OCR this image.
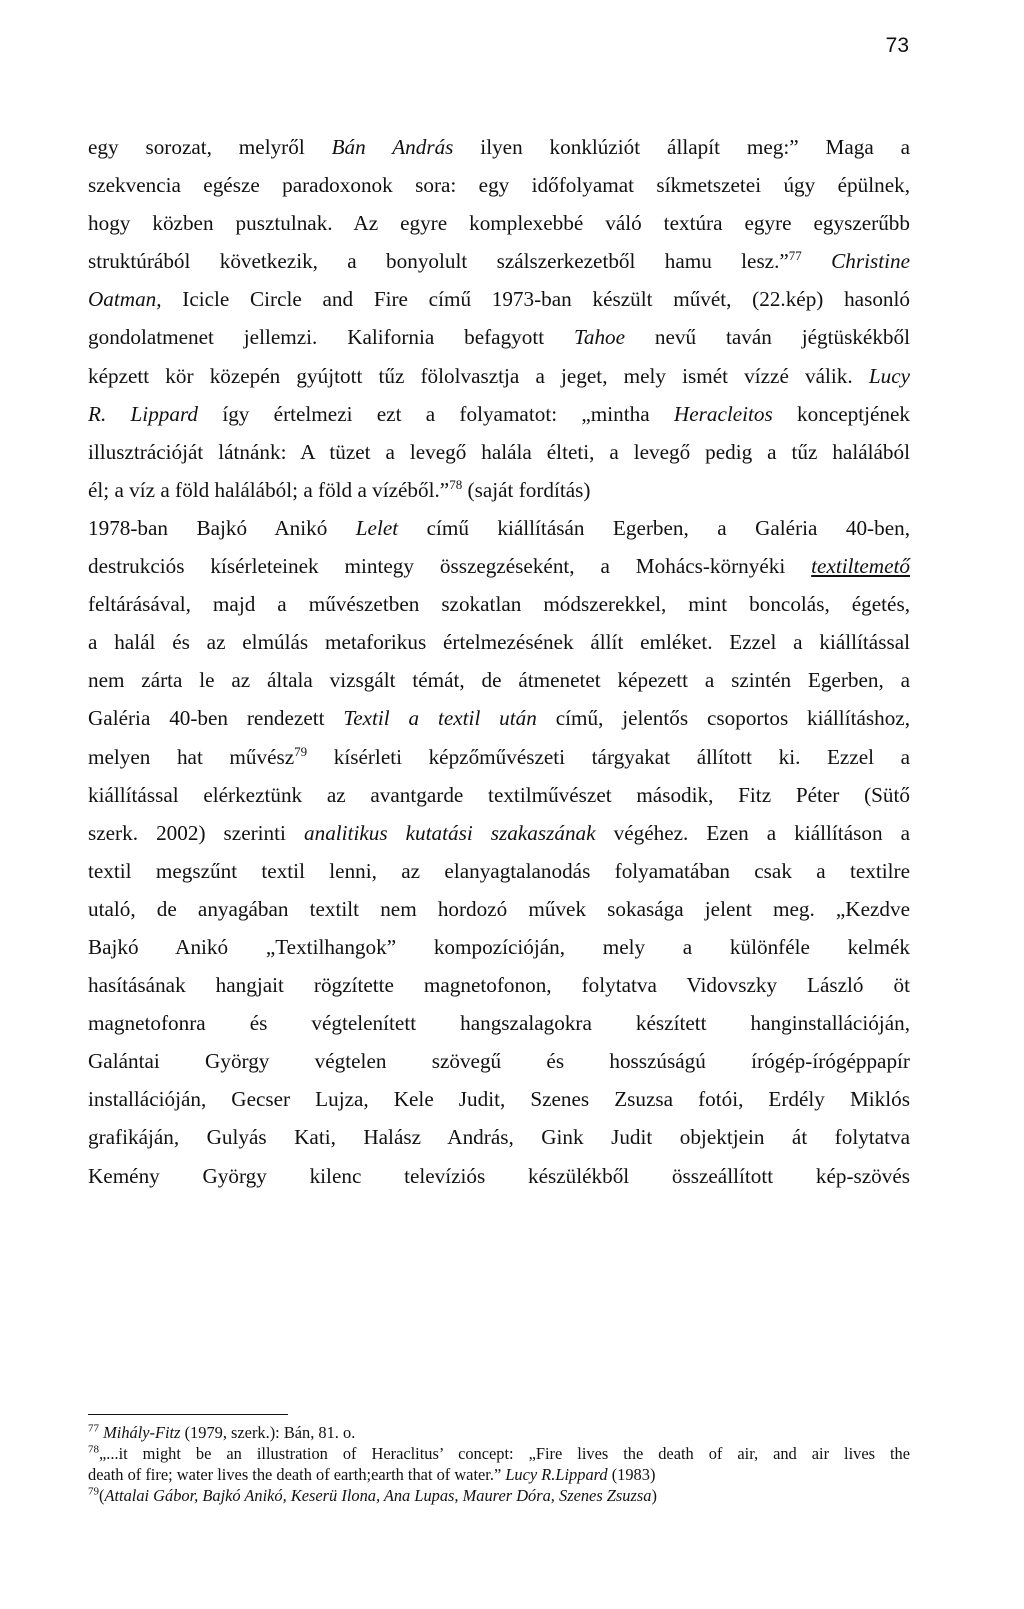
73
egy sorozat, melyről Bán András ilyen konklúziót állapít meg:” Maga a
szekvencia egésze paradoxonok sora: egy időfolyamat síkmetszetei úgy épülnek,
hogy közben pusztulnak. Az egyre komplexebbé váló textúra egyre egyszerűbb
struktúrából következik, a bonyolult szálszerkezetből hamu lesz.”$^{77}$ Christine
Oatman, Icicle Circle and Fire című 1973-ban készült művét, (22.kép) hasonló
gondolatmenet jellemzi. Kalifornia befagyott Tahoe nevű taván jégtüskékből
képzett kör közepén gyújtott tűz fölolvasztja a jeget, mely ismét vízzé válik. Lucy
R. Lippard így értelmezi ezt a folyamatot: „mintha Heracleitos konceptjének
illusztrációját látnánk: A tüzet a levegő halála élteti, a levegő pedig a tűz halálából
él; a víz a föld halálából; a föld a vízéből.”$^{78}$ (saját fordítás)
1978-ban Bajkó Anikó Lelet című kiállításán Egerben, a Galéria 40-ben,
destrukciós kísérleteinek mintegy összegzéseként, a Mohács-környéki textiltemető
feltárásával, majd a művészetben szokatlan módszerekkel, mint boncolás, égetés,
a halál és az elmúlás metaforikus értelmezésének állít emléket. Ezzel a kiállítással
nem zárta le az általa vizsgált témát, de átmenetet képezett a szintén Egerben, a
Galéria 40-ben rendezett Textil a textil után című, jelentős csoportos kiállításhoz,
melyen hat művész$^{79}$ kísérleti képzőművészeti tárgyakat állított ki. Ezzel a
kiállítással elérkeztünk az avantgarde textilművészet második, Fitz Péter (Sütő
szerk. 2002) szerinti analitikus kutatási szakaszának végéhez. Ezen a kiállításon a
textil megszűnt textil lenni, az elanyagtalanodás folyamatában csak a textilre
utaló, de anyagában textilt nem hordozó művek sokasága jelent meg. „Kezdve
Bajkó Anikó „Textilhangok” kompozícióján, mely a különféle kelmék
hasításának hangjait rögzítette magnetofonon, folytatva Vidovszky László öt
magnetofonra és végtelenített hangszalagokra készített hanginstallációján,
Galántai György végtelen szövegű és hosszúságú írógép-írógéppapír
installációján, Gecser Lujza, Kele Judit, Szenes Zsuzsa fotói, Erdély Miklós
grafikáján, Gulyás Kati, Halász András, Gink Judit objektjein át folytatva
Kemény György kilenc televíziós készülékből összeállított kép-szövés
$^{77}$ Mihály-Fitz (1979, szerk.): Bán, 81. o.
$^{78}$„...it might be an illustration of Heraclitus’ concept: „Fire lives the death of air, and air lives the
death of fire; water lives the death of earth;earth that of water.” Lucy R.Lippard (1983)
$^{79}$(Attalai Gábor, Bajkó Anikó, Keserü Ilona, Ana Lupas, Maurer Dóra, Szenes Zsuzsa)
